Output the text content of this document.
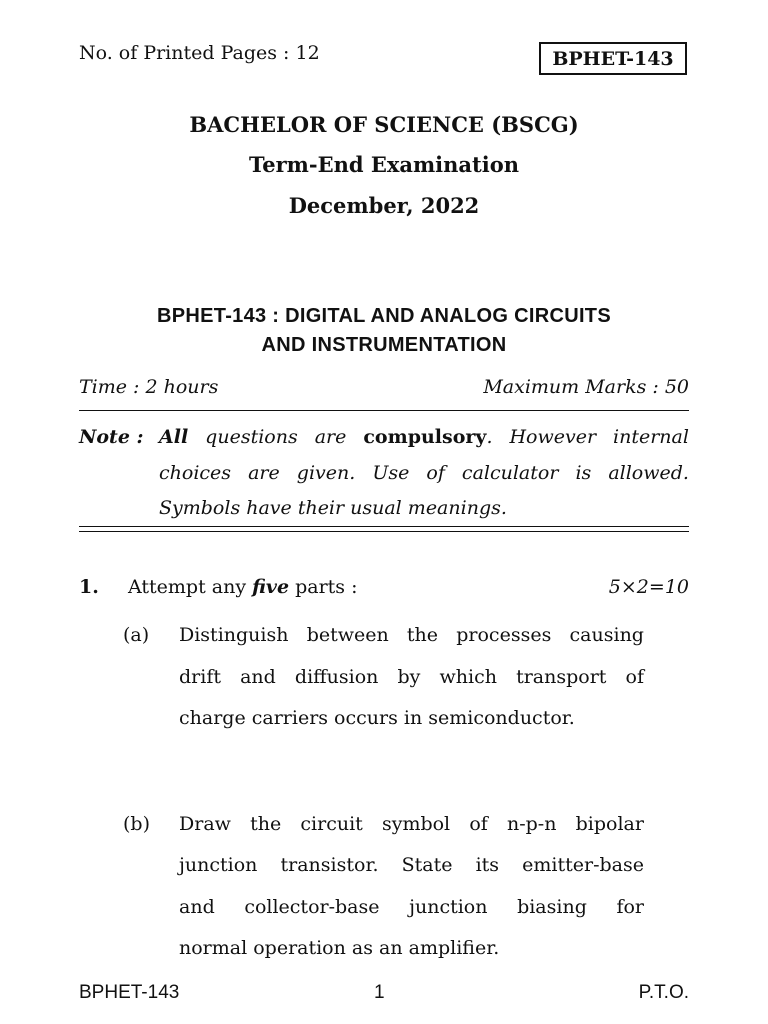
No. of Printed Pages : 12	BPHET-143
BACHELOR OF SCIENCE (BSCG)
Term-End Examination
December, 2022
BPHET-143 : DIGITAL AND ANALOG CIRCUITS
AND INSTRUMENTATION
Time : 2 hours	Maximum Marks : 50
Note : All questions are compulsory. However internal
choices are given. Use of calculator is allowed.
Symbols have their usual meanings.
1. Attempt any five parts :	5×2=10
(a) Distinguish between the processes causing
drift and diffusion by which transport of
charge carriers occurs in semiconductor.
(b) Draw the circuit symbol of n-p-n bipolar
junction transistor. State its emitter-base
and collector-base junction biasing for
normal operation as an amplifier.
BPHET-143	1	P.T.O.
